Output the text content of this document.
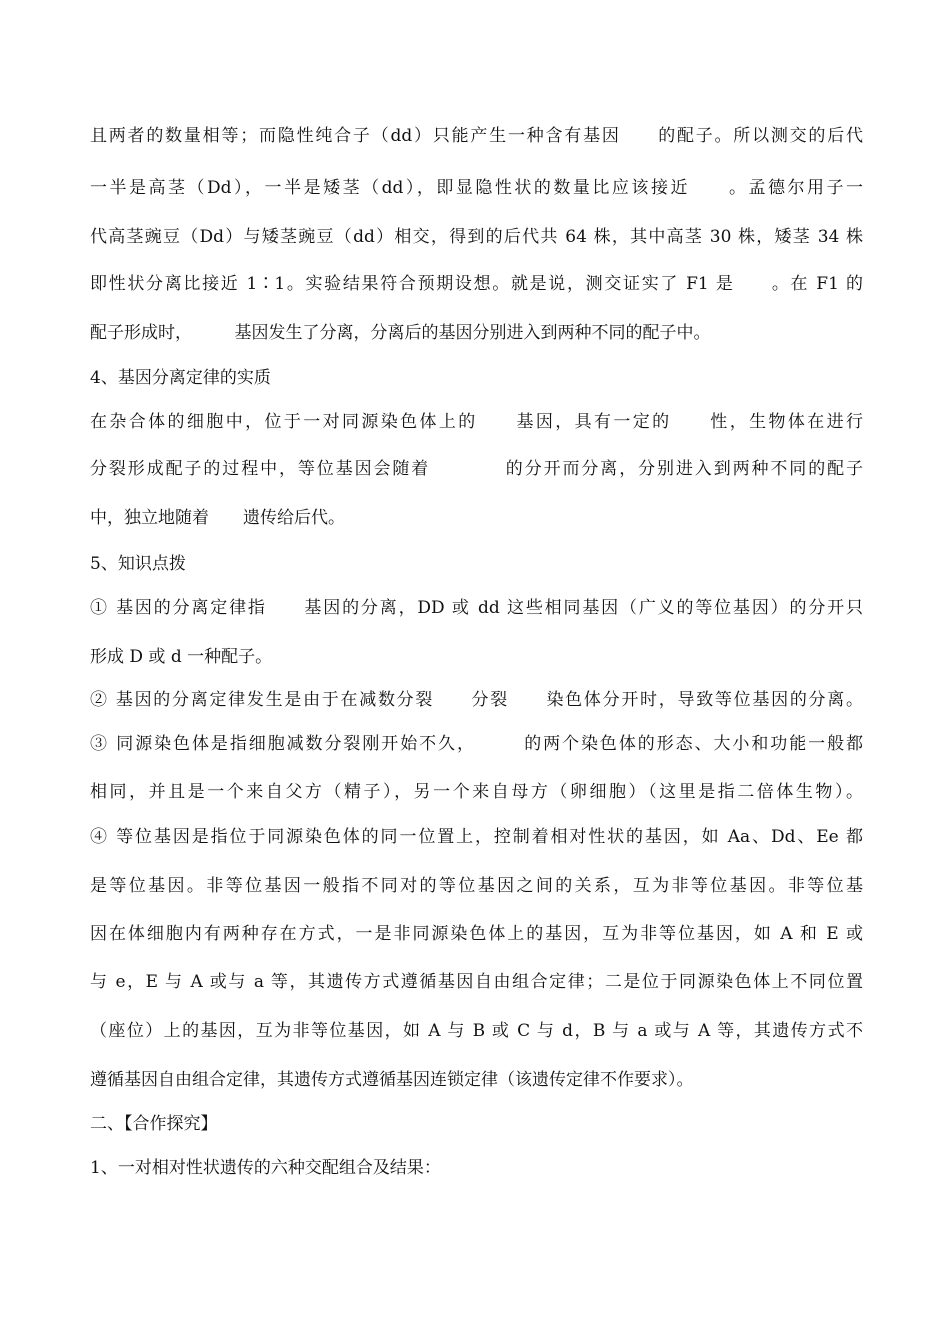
且两者的数量相等；而隐性纯合子（dd）只能产生一种含有基因　　的配子。所以测交的后代

一半是高茎（Dd），一半是矮茎（dd），即显隐性状的数量比应该接近　　。孟德尔用子一

代高茎豌豆（Dd）与矮茎豌豆（dd）相交，得到的后代共 64 株，其中高茎 30 株，矮茎 34 株

即性状分离比接近 1∶1。实验结果符合预期设想。就是说，测交证实了 F1 是　　。在 F1 的

配子形成时，　　　基因发生了分离，分离后的基因分别进入到两种不同的配子中。

4、基因分离定律的实质

在杂合体的细胞中，位于一对同源染色体上的　　基因，具有一定的　　性，生物体在进行

分裂形成配子的过程中，等位基因会随着　　　　的分开而分离，分别进入到两种不同的配子

中，独立地随着　　遗传给后代。

5、知识点拨

① 基因的分离定律指　　基因的分离，DD 或 dd 这些相同基因（广义的等位基因）的分开只

形成 D 或 d 一种配子。

② 基因的分离定律发生是由于在减数分裂　　分裂　　染色体分开时，导致等位基因的分离。

③ 同源染色体是指细胞减数分裂刚开始不久，　　　的两个染色体的形态、大小和功能一般都

相同，并且是一个来自父方（精子），另一个来自母方（卵细胞）（这里是指二倍体生物）。

④ 等位基因是指位于同源染色体的同一位置上，控制着相对性状的基因，如 Aa、Dd、Ee 都

是等位基因。非等位基因一般指不同对的等位基因之间的关系，互为非等位基因。非等位基

因在体细胞内有两种存在方式，一是非同源染色体上的基因，互为非等位基因，如 A 和 E 或

与 e，E 与 A 或与 a 等，其遗传方式遵循基因自由组合定律；二是位于同源染色体上不同位置

（座位）上的基因，互为非等位基因，如 A 与 B 或 C 与 d，B 与 a 或与 A 等，其遗传方式不

遵循基因自由组合定律，其遗传方式遵循基因连锁定律（该遗传定律不作要求）。

二、【合作探究】

1、一对相对性状遗传的六种交配组合及结果：
